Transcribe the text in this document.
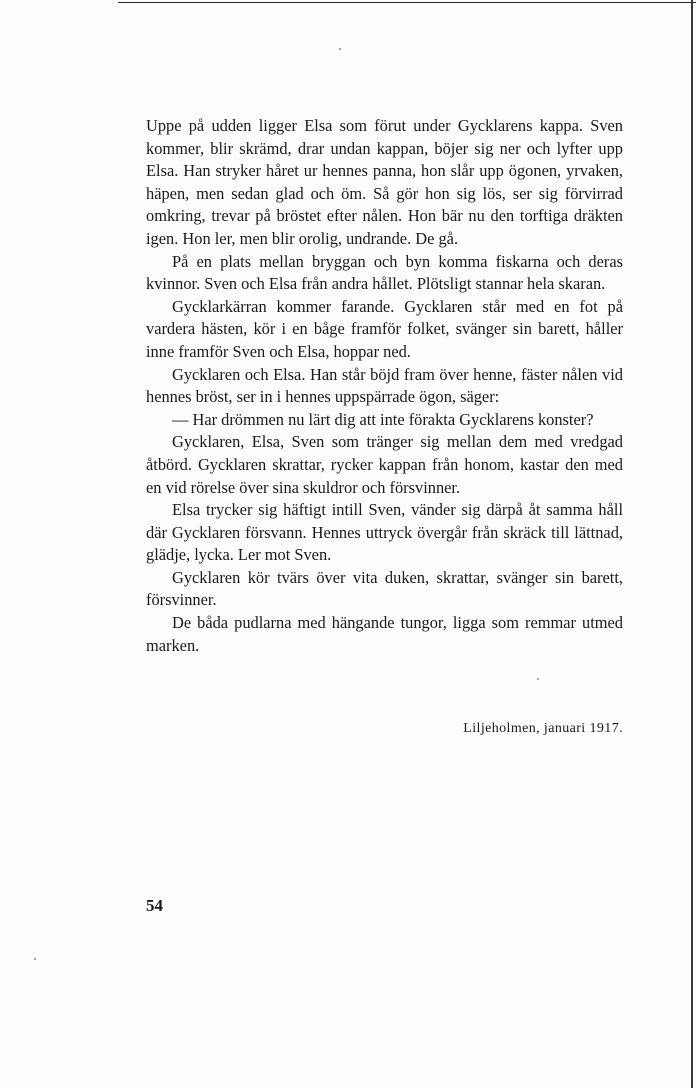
Uppe på udden ligger Elsa som förut under Gycklarens kappa. Sven kommer, blir skrämd, drar undan kappan, böjer sig ner och lyfter upp Elsa. Han stryker håret ur hennes panna, hon slår upp ögonen, yrvaken, häpen, men sedan glad och öm. Så gör hon sig lös, ser sig förvirrad omkring, trevar på bröstet efter nålen. Hon bär nu den torftiga dräkten igen. Hon ler, men blir orolig, undrande. De gå.

På en plats mellan bryggan och byn komma fiskarna och deras kvinnor. Sven och Elsa från andra hållet. Plötsligt stannar hela skaran.

Gycklarkärran kommer farande. Gycklaren står med en fot på vardera hästen, kör i en båge framför folket, svänger sin barett, håller inne framför Sven och Elsa, hoppar ned.

Gycklaren och Elsa. Han står böjd fram över henne, fäster nålen vid hennes bröst, ser in i hennes uppspärrade ögon, säger:

— Har drömmen nu lärt dig att inte förakta Gycklarens konster?

Gycklaren, Elsa, Sven som tränger sig mellan dem med vredgad åtbörd. Gycklaren skrattar, rycker kappan från honom, kastar den med en vid rörelse över sina skuldror och försvinner.

Elsa trycker sig häftigt intill Sven, vänder sig därpå åt samma håll där Gycklaren försvann. Hennes uttryck övergår från skräck till lättnad, glädje, lycka. Ler mot Sven.

Gycklaren kör tvärs över vita duken, skrattar, svänger sin barett, försvinner.

De båda pudlarna med hängande tungor, ligga som remmar utmed marken.

Liljeholmen, januari 1917.
54
